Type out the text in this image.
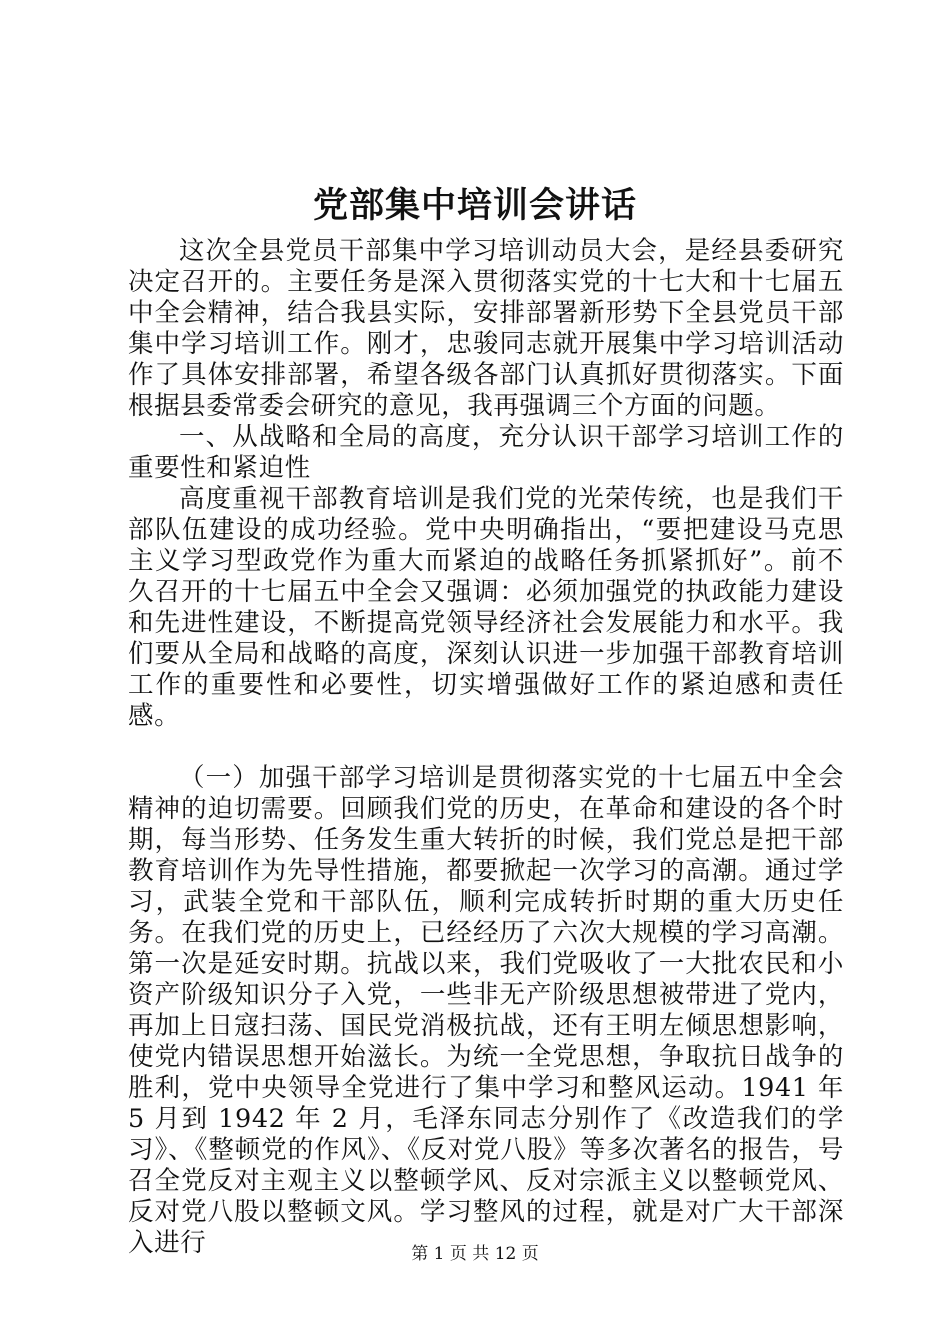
党部集中培训会讲话

这次全县党员干部集中学习培训动员大会，是经县委研究决定召开的。主要任务是深入贯彻落实党的十七大和十七届五中全会精神，结合我县实际，安排部署新形势下全县党员干部集中学习培训工作。刚才，忠骏同志就开展集中学习培训活动作了具体安排部署，希望各级各部门认真抓好贯彻落实。下面根据县委常委会研究的意见，我再强调三个方面的问题。

一、从战略和全局的高度，充分认识干部学习培训工作的重要性和紧迫性

高度重视干部教育培训是我们党的光荣传统，也是我们干部队伍建设的成功经验。党中央明确指出，“要把建设马克思主义学习型政党作为重大而紧迫的战略任务抓紧抓好”。前不久召开的十七届五中全会又强调：必须加强党的执政能力建设和先进性建设，不断提高党领导经济社会发展能力和水平。我们要从全局和战略的高度，深刻认识进一步加强干部教育培训工作的重要性和必要性，切实增强做好工作的紧迫感和责任感。

（一）加强干部学习培训是贯彻落实党的十七届五中全会精神的迫切需要。回顾我们党的历史，在革命和建设的各个时期，每当形势、任务发生重大转折的时候，我们党总是把干部教育培训作为先导性措施，都要掀起一次学习的高潮。通过学习，武装全党和干部队伍，顺利完成转折时期的重大历史任务。在我们党的历史上，已经经历了六次大规模的学习高潮。第一次是延安时期。抗战以来，我们党吸收了一大批农民和小资产阶级知识分子入党，一些非无产阶级思想被带进了党内，再加上日寇扫荡、国民党消极抗战，还有王明左倾思想影响，使党内错误思想开始滋长。为统一全党思想，争取抗日战争的胜利，党中央领导全党进行了集中学习和整风运动。1941 年 5 月到 1942 年 2 月，毛泽东同志分别作了《改造我们的学习》、《整顿党的作风》、《反对党八股》等多次著名的报告，号召全党反对主观主义以整顿学风、反对宗派主义以整顿党风、反对党八股以整顿文风。学习整风的过程，就是对广大干部深入进行	第 1 页 共 12 页
